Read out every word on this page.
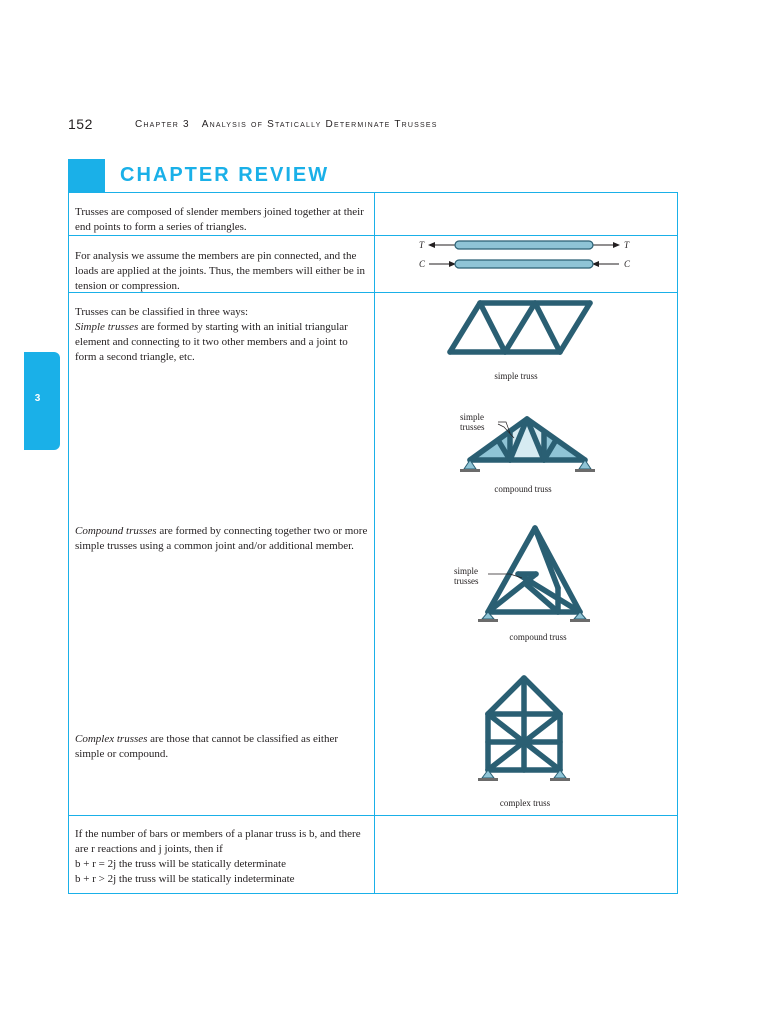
152	Chapter 3 Analysis of Statically Determinate Trusses
CHAPTER REVIEW
3
Trusses are composed of slender members joined together at their end points to form a series of triangles.
For analysis we assume the members are pin connected, and the loads are applied at the joints. Thus, the members will either be in tension or compression.
Trusses can be classified in three ways:
Simple trusses are formed by starting with an initial triangular element and connecting to it two other members and a joint to form a second triangle, etc.
Compound trusses are formed by connecting together two or more simple trusses using a common joint and/or additional member.
Complex trusses are those that cannot be classified as either simple or compound.
If the number of bars or members of a planar truss is b, and there are r reactions and j joints, then if
b + r = 2j the truss will be statically determinate
b + r > 2j the truss will be statically indeterminate
T	T
C	C
simple truss
simple trusses
compound truss
simple trusses
compound truss
complex truss
